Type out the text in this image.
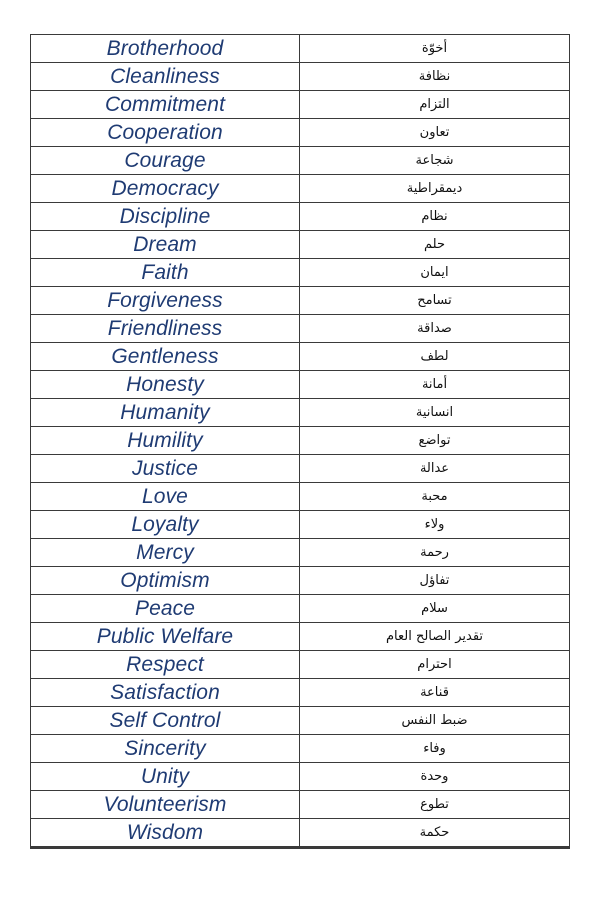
Brotherhood	أخوّة
Cleanliness	نظافة
Commitment	التزام
Cooperation	تعاون
Courage	شجاعة
Democracy	ديمقراطية
Discipline	نظام
Dream	حلم
Faith	ايمان
Forgiveness	تسامح
Friendliness	صداقة
Gentleness	لطف
Honesty	أمانة
Humanity	انسانية
Humility	تواضع
Justice	عدالة
Love	محبة
Loyalty	ولاء
Mercy	رحمة
Optimism	تفاؤل
Peace	سلام
Public Welfare	تقدير الصالح العام
Respect	احترام
Satisfaction	قناعة
Self Control	ضبط النفس
Sincerity	وفاء
Unity	وحدة
Volunteerism	تطوع
Wisdom	حكمة
